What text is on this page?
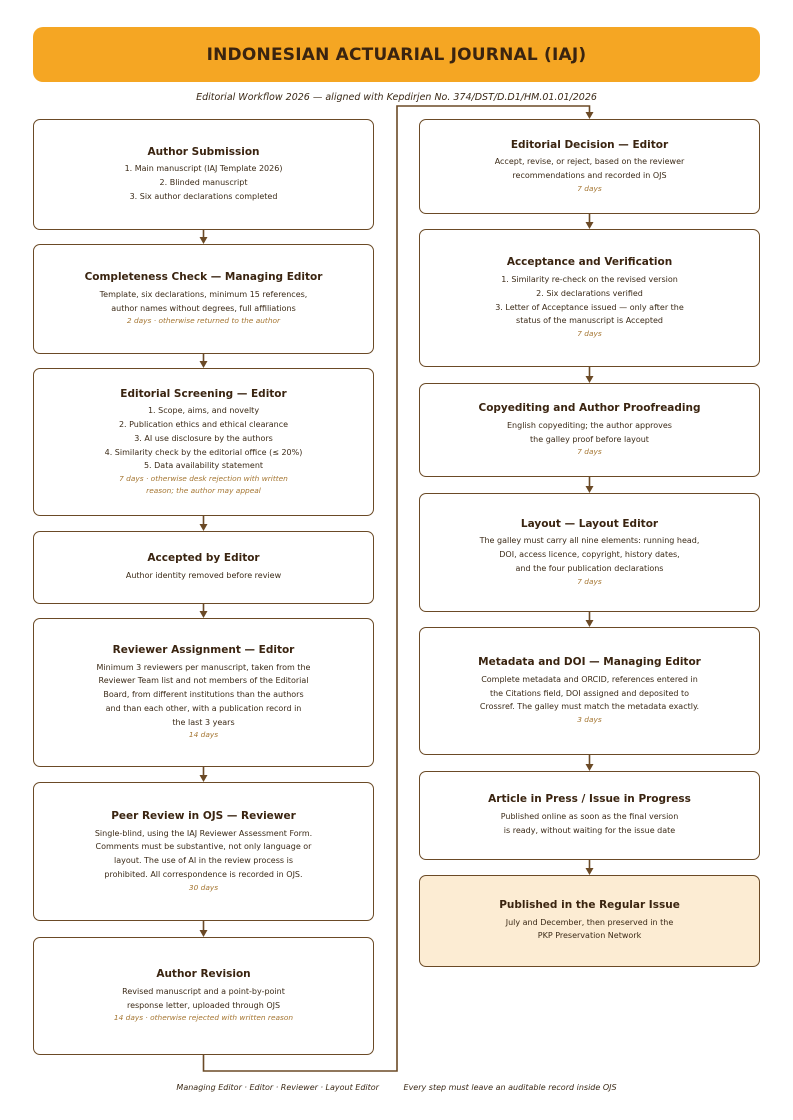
INDONESIAN ACTUARIAL JOURNAL (IAJ)
Editorial Workflow 2026 — aligned with Kepdirjen No. 374/DST/D.D1/HM.01.01/2026
Author Submission
1. Main manuscript (IAJ Template 2026)
2. Blinded manuscript
3. Six author declarations completed
Completeness Check — Managing Editor
Template, six declarations, minimum 15 references,
author names without degrees, full affiliations
2 days · otherwise returned to the author
Editorial Screening — Editor
1. Scope, aims, and novelty
2. Publication ethics and ethical clearance
3. AI use disclosure by the authors
4. Similarity check by the editorial office (≤ 20%)
5. Data availability statement
7 days · otherwise desk rejection with written
reason; the author may appeal
Accepted by Editor
Author identity removed before review
Reviewer Assignment — Editor
Minimum 3 reviewers per manuscript, taken from the
Reviewer Team list and not members of the Editorial
Board, from different institutions than the authors
and than each other, with a publication record in
the last 3 years
14 days
Peer Review in OJS — Reviewer
Single-blind, using the IAJ Reviewer Assessment Form.
Comments must be substantive, not only language or
layout. The use of AI in the review process is
prohibited. All correspondence is recorded in OJS.
30 days
Author Revision
Revised manuscript and a point-by-point
response letter, uploaded through OJS
14 days · otherwise rejected with written reason
Editorial Decision — Editor
Accept, revise, or reject, based on the reviewer
recommendations and recorded in OJS
7 days
Acceptance and Verification
1. Similarity re-check on the revised version
2. Six declarations verified
3. Letter of Acceptance issued — only after the
status of the manuscript is Accepted
7 days
Copyediting and Author Proofreading
English copyediting; the author approves
the galley proof before layout
7 days
Layout — Layout Editor
The galley must carry all nine elements: running head,
DOI, access licence, copyright, history dates,
and the four publication declarations
7 days
Metadata and DOI — Managing Editor
Complete metadata and ORCID, references entered in
the Citations field, DOI assigned and deposited to
Crossref. The galley must match the metadata exactly.
3 days
Article in Press / Issue in Progress
Published online as soon as the final version
is ready, without waiting for the issue date
Published in the Regular Issue
July and December, then preserved in the
PKP Preservation Network
Managing Editor · Editor · Reviewer · Layout Editor	Every step must leave an auditable record inside OJS
